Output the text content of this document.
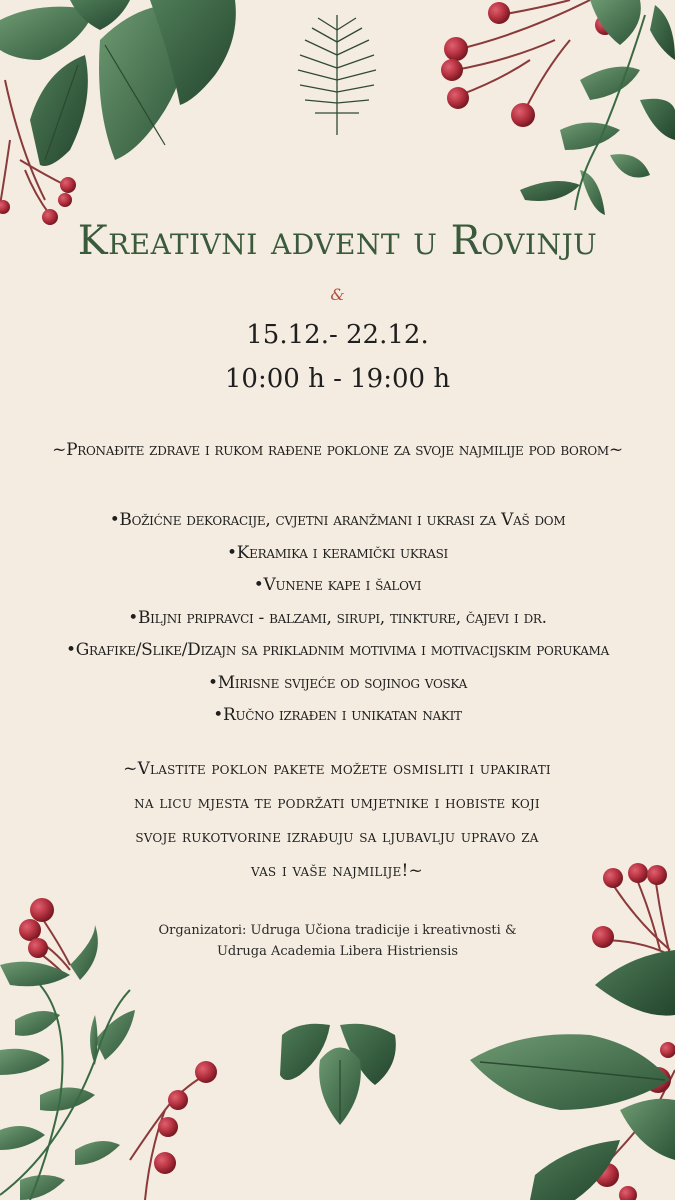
Kreativni advent u Rovinju
&
15.12.- 22.12.
10:00 h - 19:00 h
~Pronađite zdrave i rukom rađene poklone za svoje najmilije pod borom~
•Božićne dekoracije, cvjetni aranžmani i ukrasi za Vaš dom
•Keramika i keramički ukrasi
•Vunene kape i šalovi
•Biljni pripravci - balzami, sirupi, tinkture, čajevi i dr.
•Grafike/Slike/Dizajn sa prikladnim motivima i motivacijskim porukama
•Mirisne svijeće od sojinog voska
•Ručno izrađen i unikatan nakit
~Vlastite poklon pakete možete osmisliti i upakirati
na licu mjesta te podržati umjetnike i hobiste koji
svoje rukotvorine izrađuju sa ljubavlju upravo za
vas i vaše najmilije!~
Organizatori: Udruga Učiona tradicije i kreativnosti &
Udruga Academia Libera Histriensis
